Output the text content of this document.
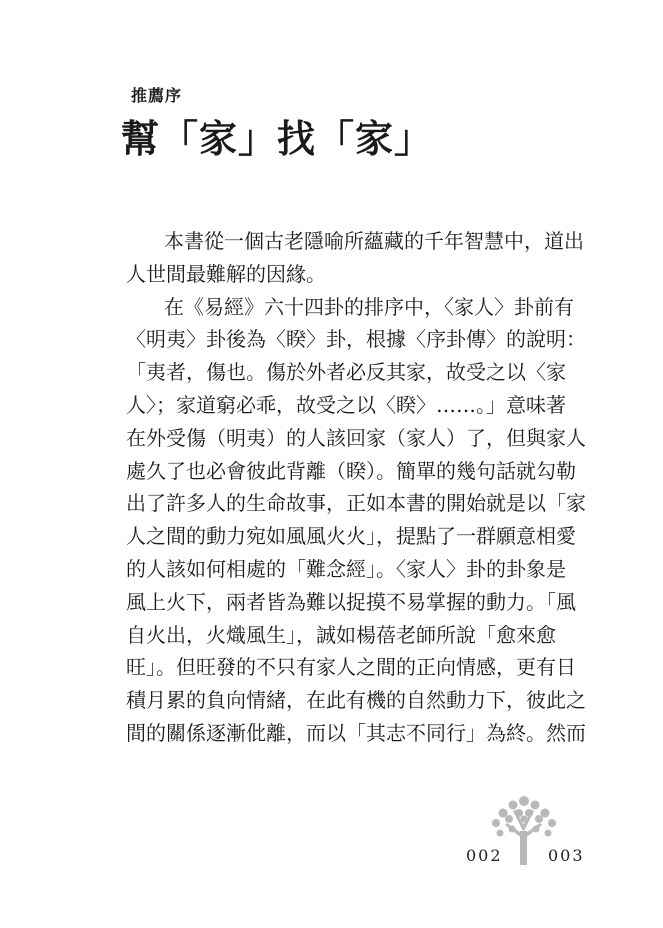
推薦序
幫「家」找「家」
本書從一個古老隱喻所蘊藏的千年智慧中，道出
人世間最難解的因緣。
在《易經》六十四卦的排序中，〈家人〉卦前有
〈明夷〉卦後為〈睽〉卦，根據〈序卦傳〉的說明：
「夷者，傷也。傷於外者必反其家，故受之以〈家
人〉；家道窮必乖，故受之以〈睽〉……。」意味著
在外受傷（明夷）的人該回家（家人）了，但與家人
處久了也必會彼此背離（睽）。簡單的幾句話就勾勒
出了許多人的生命故事，正如本書的開始就是以「家
人之間的動力宛如風風火火」，提點了一群願意相愛
的人該如何相處的「難念經」。〈家人〉卦的卦象是
風上火下，兩者皆為難以捉摸不易掌握的動力。「風
自火出，火熾風生」，誠如楊蓓老師所說「愈來愈
旺」。但旺發的不只有家人之間的正向情感，更有日
積月累的負向情緒，在此有機的自然動力下，彼此之
間的關係逐漸仳離，而以「其志不同行」為終。然而
002	003
